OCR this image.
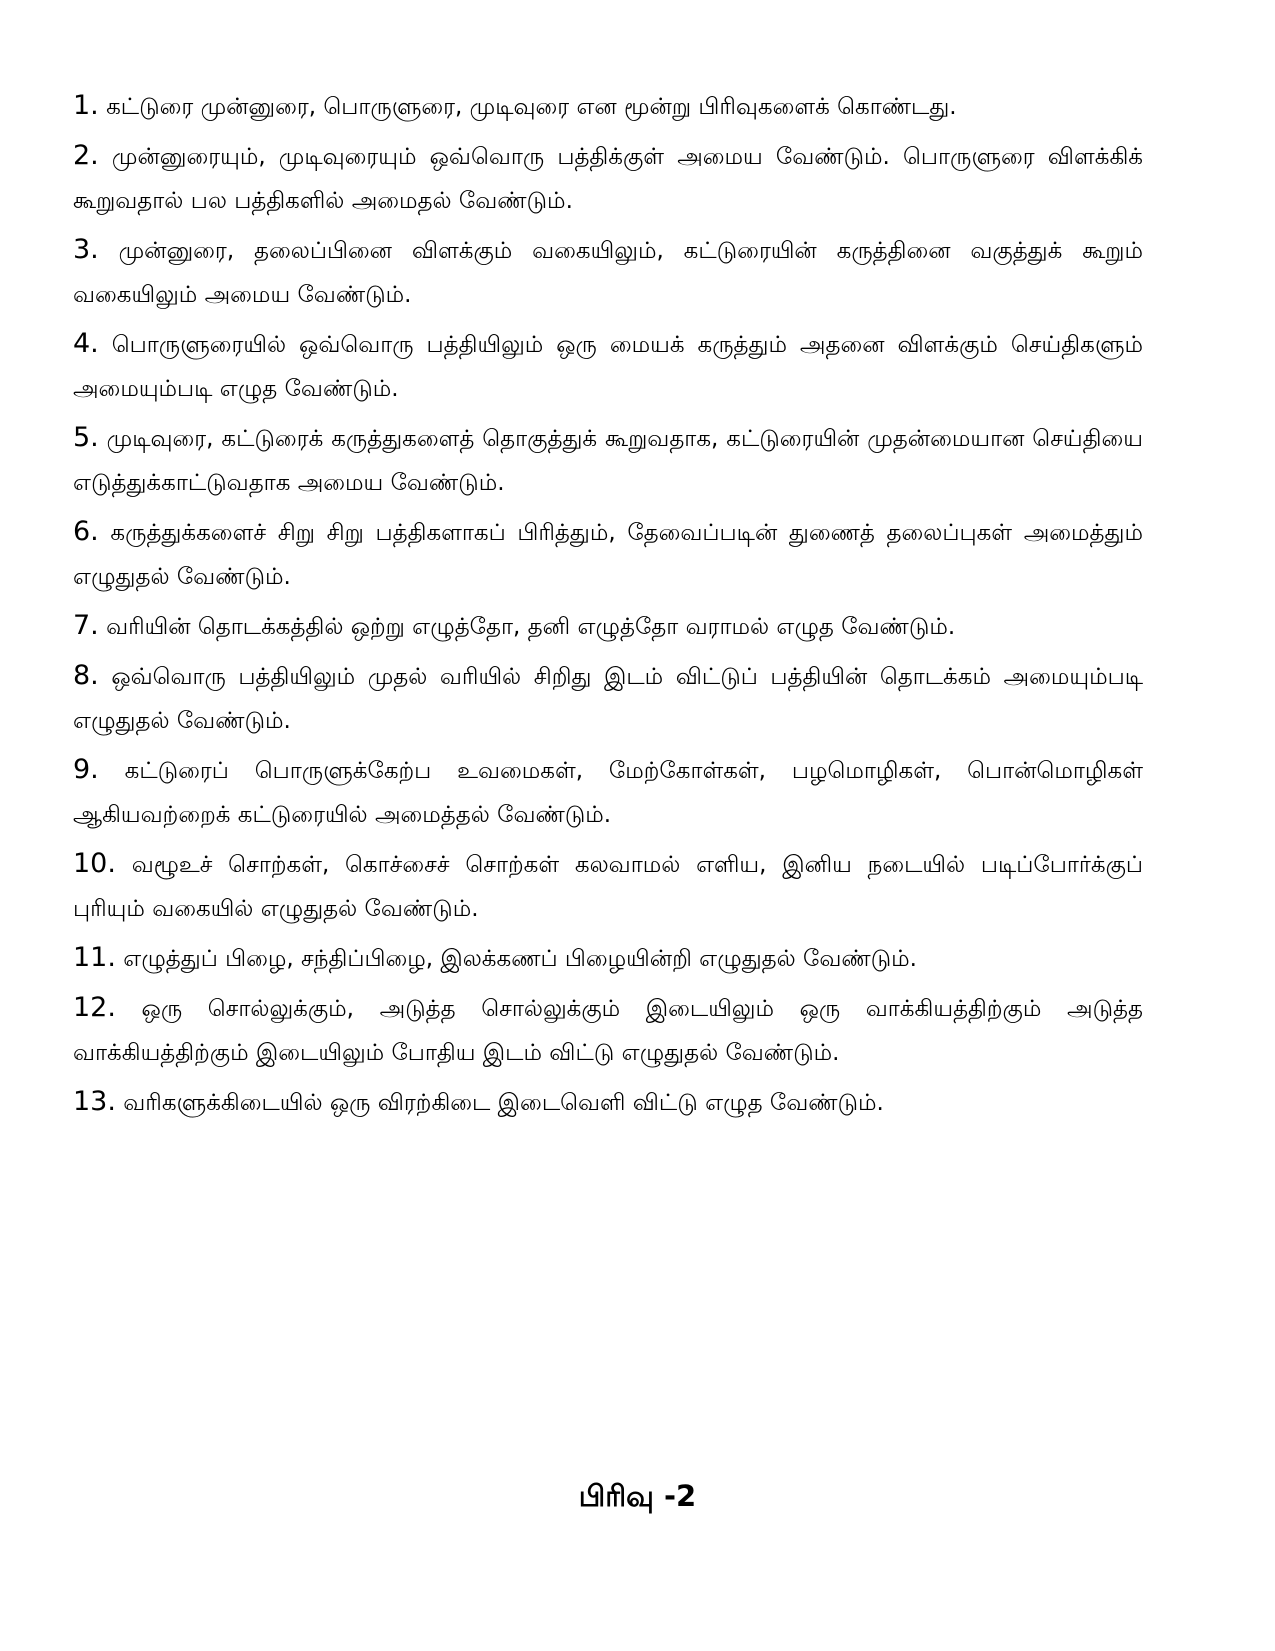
1. கட்டுரை முன்னுரை, பொருளுரை, முடிவுரை என மூன்று பிரிவுகளைக் கொண்டது.
2. முன்னுரையும், முடிவுரையும் ஒவ்வொரு பத்திக்குள் அமைய வேண்டும். பொருளுரை விளக்கிக் கூறுவதால் பல பத்திகளில் அமைதல் வேண்டும்.
3. முன்னுரை, தலைப்பினை விளக்கும் வகையிலும், கட்டுரையின் கருத்தினை வகுத்துக் கூறும் வகையிலும் அமைய வேண்டும்.
4. பொருளுரையில் ஒவ்வொரு பத்தியிலும் ஒரு மையக் கருத்தும் அதனை விளக்கும் செய்திகளும் அமையும்படி எழுத வேண்டும்.
5. முடிவுரை, கட்டுரைக் கருத்துகளைத் தொகுத்துக் கூறுவதாக, கட்டுரையின் முதன்மையான செய்தியை எடுத்துக்காட்டுவதாக அமைய வேண்டும்.
6. கருத்துக்களைச் சிறு சிறு பத்திகளாகப் பிரித்தும், தேவைப்படின் துணைத் தலைப்புகள் அமைத்தும் எழுதுதல் வேண்டும்.
7. வரியின் தொடக்கத்தில் ஒற்று எழுத்தோ, தனி எழுத்தோ வராமல் எழுத வேண்டும்.
8. ஒவ்வொரு பத்தியிலும் முதல் வரியில் சிறிது இடம் விட்டுப் பத்தியின் தொடக்கம் அமையும்படி எழுதுதல் வேண்டும்.
9. கட்டுரைப் பொருளுக்கேற்ப உவமைகள், மேற்கோள்கள், பழமொழிகள், பொன்மொழிகள் ஆகியவற்றைக் கட்டுரையில் அமைத்தல் வேண்டும்.
10. வழூஉச் சொற்கள், கொச்சைச் சொற்கள் கலவாமல் எளிய, இனிய நடையில் படிப்போர்க்குப் புரியும் வகையில் எழுதுதல் வேண்டும்.
11. எழுத்துப் பிழை, சந்திப்பிழை, இலக்கணப் பிழையின்றி எழுதுதல் வேண்டும்.
12. ஒரு சொல்லுக்கும், அடுத்த சொல்லுக்கும் இடையிலும் ஒரு வாக்கியத்திற்கும் அடுத்த வாக்கியத்திற்கும் இடையிலும் போதிய இடம் விட்டு எழுதுதல் வேண்டும்.
13. வரிகளுக்கிடையில் ஒரு விரற்கிடை இடைவெளி விட்டு எழுத வேண்டும்.
பிரிவு -2
